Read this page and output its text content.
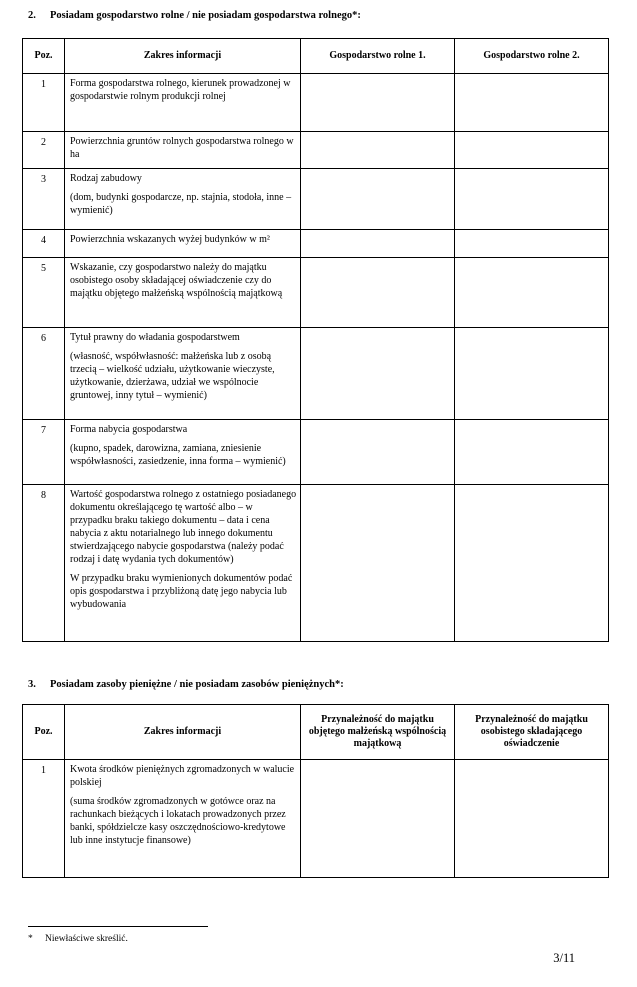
2. Posiadam gospodarstwo rolne / nie posiadam gospodarstwa rolnego*:
Poz.	Zakres informacji	Gospodarstwo rolne 1.	Gospodarstwo rolne 2.
1	Forma gospodarstwa rolnego, kierunek prowadzonej w gospodarstwie rolnym produkcji rolnej		

2	Powierzchnia gruntów rolnych gospodarstwa rolnego w ha		

3	Rodzaj zabudowy
(dom, budynki gospodarcze, np. stajnia, stodoła, inne – wymienić)		

4	Powierzchnia wskazanych wyżej budynków w m²		

5	Wskazanie, czy gospodarstwo należy do majątku osobistego osoby składającej oświadczenie czy do majątku objętego małżeńską wspólnością majątkową		

6	Tytuł prawny do władania gospodarstwem
(własność, współwłasność: małżeńska lub z osobą trzecią – wielkość udziału, użytkowanie wieczyste, użytkowanie, dzierżawa, udział we wspólnocie gruntowej, inny tytuł – wymienić)		

7	Forma nabycia gospodarstwa
(kupno, spadek, darowizna, zamiana, zniesienie współwłasności, zasiedzenie, inna forma – wymienić)		

8	Wartość gospodarstwa rolnego z ostatniego posiadanego dokumentu określającego tę wartość albo – w przypadku braku takiego dokumentu – data i cena nabycia z aktu notarialnego lub innego dokumentu stwierdzającego nabycie gospodarstwa (należy podać rodzaj i datę wydania tych dokumentów)
W przypadku braku wymienionych dokumentów podać opis gospodarstwa i przybliżoną datę jego nabycia lub wybudowania		

3. Posiadam zasoby pieniężne / nie posiadam zasobów pieniężnych*:
Poz.	Zakres informacji	Przynależność do majątku objętego małżeńską wspólnością majątkową	Przynależność do majątku osobistego składającego oświadczenie
1	Kwota środków pieniężnych zgromadzonych w walucie polskiej
(suma środków zgromadzonych w gotówce oraz na rachunkach bieżących i lokatach prowadzonych przez banki, spółdzielcze kasy oszczędnościowo-kredytowe lub inne instytucje finansowe)		

* Niewłaściwe skreślić.
3/11
